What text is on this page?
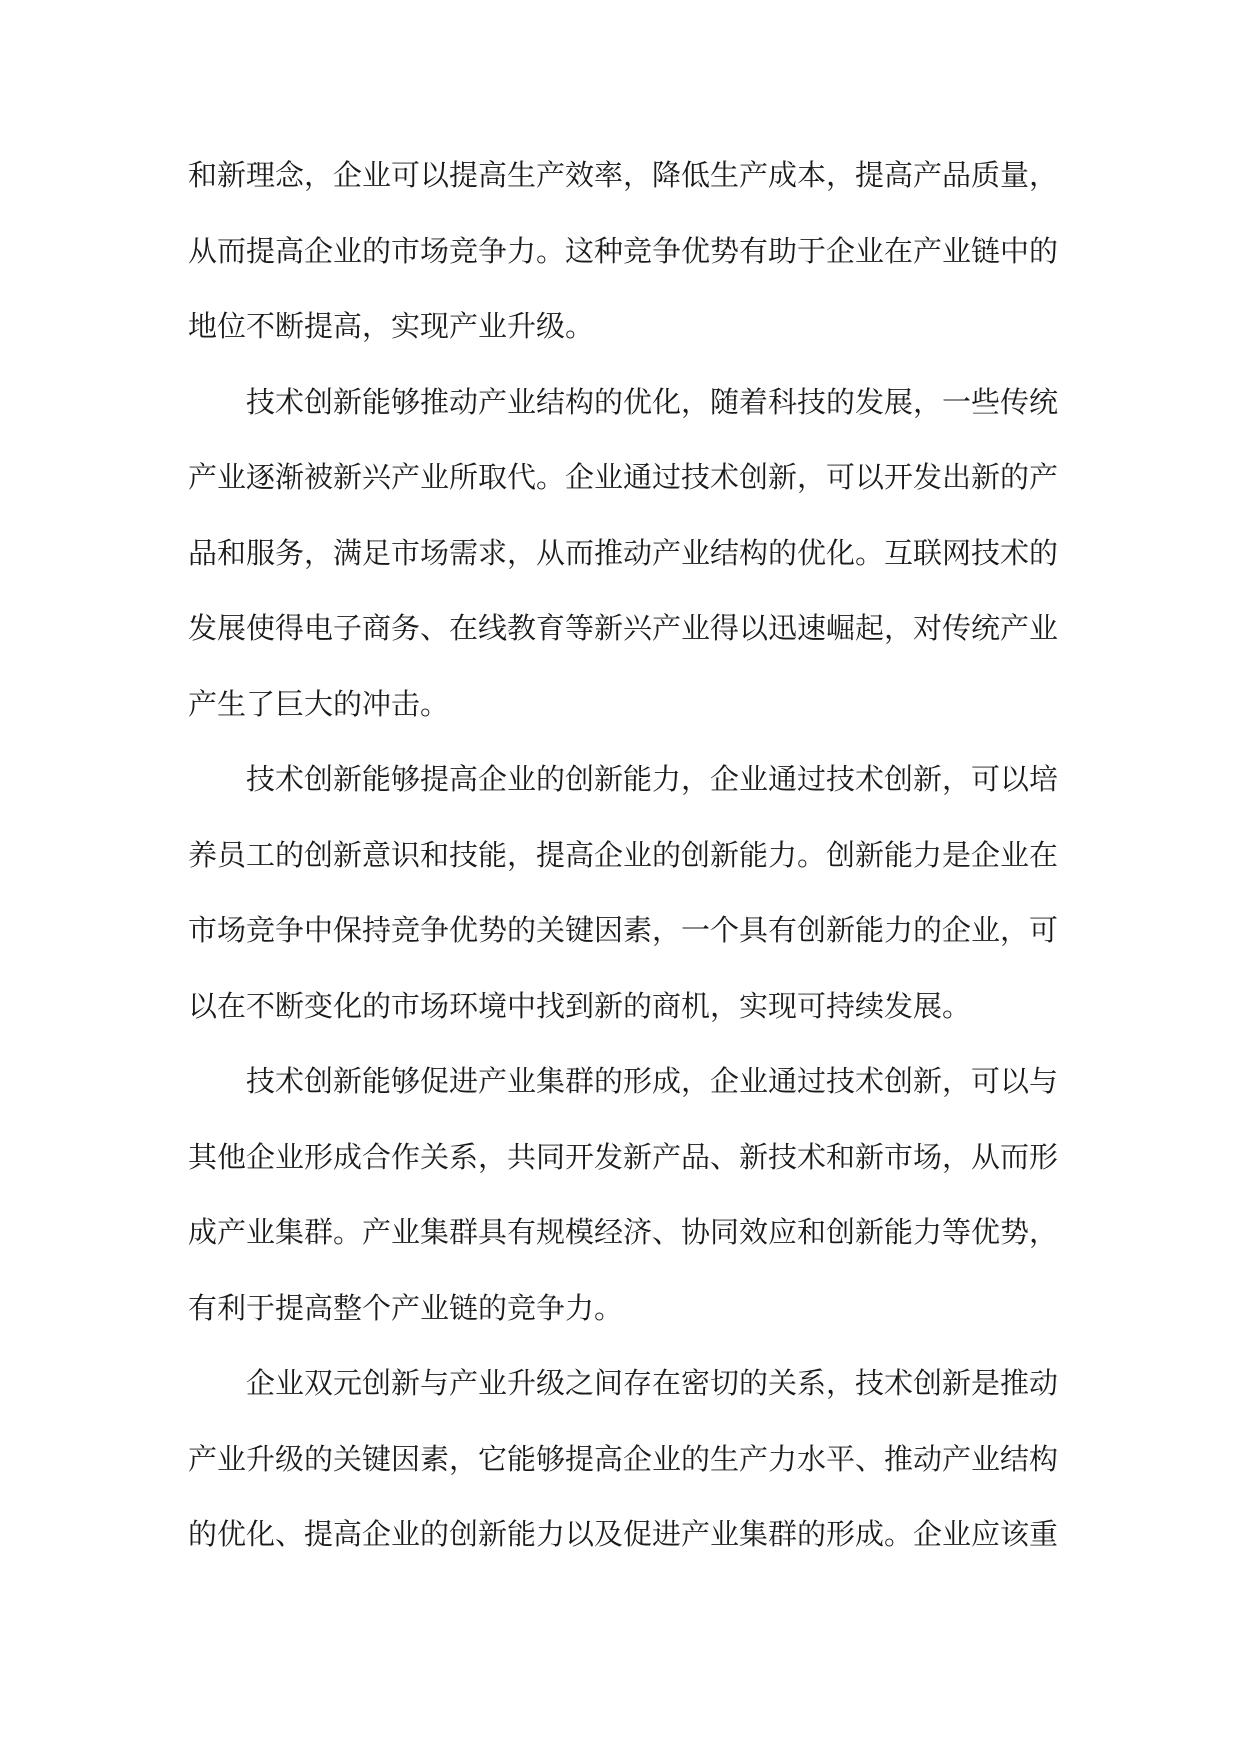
和新理念，企业可以提高生产效率，降低生产成本，提高产品质量，
从而提高企业的市场竞争力。这种竞争优势有助于企业在产业链中的
地位不断提高，实现产业升级。
技术创新能够推动产业结构的优化，随着科技的发展，一些传统
产业逐渐被新兴产业所取代。企业通过技术创新，可以开发出新的产
品和服务，满足市场需求，从而推动产业结构的优化。互联网技术的
发展使得电子商务、在线教育等新兴产业得以迅速崛起，对传统产业
产生了巨大的冲击。
技术创新能够提高企业的创新能力，企业通过技术创新，可以培
养员工的创新意识和技能，提高企业的创新能力。创新能力是企业在
市场竞争中保持竞争优势的关键因素，一个具有创新能力的企业，可
以在不断变化的市场环境中找到新的商机，实现可持续发展。
技术创新能够促进产业集群的形成，企业通过技术创新，可以与
其他企业形成合作关系，共同开发新产品、新技术和新市场，从而形
成产业集群。产业集群具有规模经济、协同效应和创新能力等优势，
有利于提高整个产业链的竞争力。
企业双元创新与产业升级之间存在密切的关系，技术创新是推动
产业升级的关键因素，它能够提高企业的生产力水平、推动产业结构
的优化、提高企业的创新能力以及促进产业集群的形成。企业应该重
